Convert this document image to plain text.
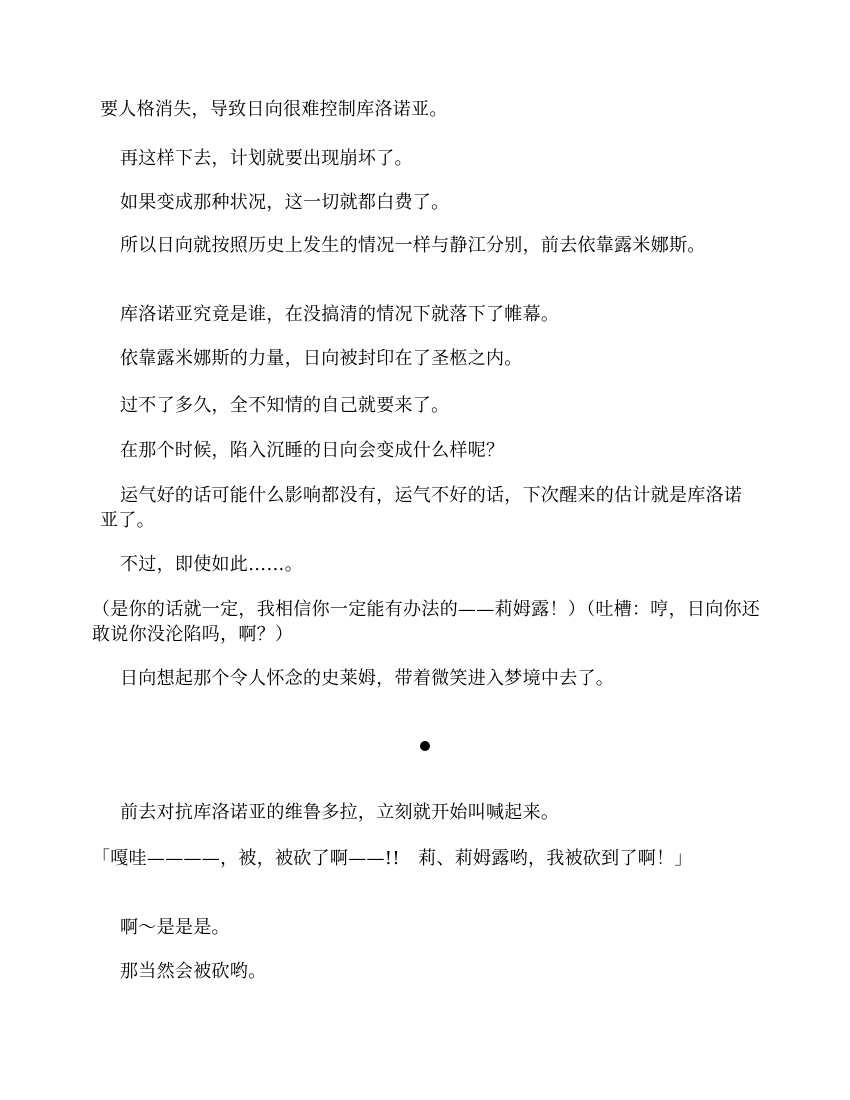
要人格消失，导致日向很难控制库洛诺亚。

再这样下去，计划就要出现崩坏了。

如果变成那种状况，这一切就都白费了。

所以日向就按照历史上发生的情况一样与静江分别，前去依靠露米娜斯。

库洛诺亚究竟是谁，在没搞清的情况下就落下了帷幕。

依靠露米娜斯的力量，日向被封印在了圣柩之内。

过不了多久，全不知情的自己就要来了。

在那个时候，陷入沉睡的日向会变成什么样呢？

运气好的话可能什么影响都没有，运气不好的话，下次醒来的估计就是库洛诺亚了。

不过，即使如此……。

（是你的话就一定，我相信你一定能有办法的——莉姆露！）（吐槽：哼，日向你还敢说你没沦陷吗，啊？）

日向想起那个令人怀念的史莱姆，带着微笑进入梦境中去了。

前去对抗库洛诺亚的维鲁多拉，立刻就开始叫喊起来。

「嘎哇————，被，被砍了啊——!!　莉、莉姆露哟，我被砍到了啊！」

啊～是是是。

那当然会被砍哟。
